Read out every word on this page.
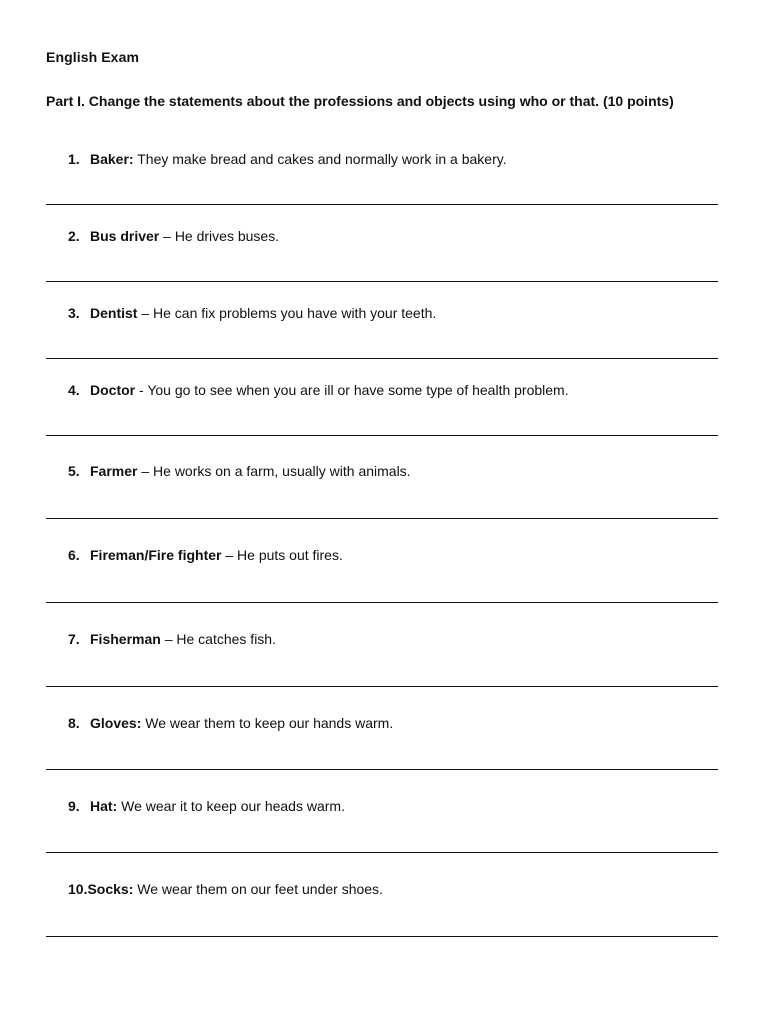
English Exam
Part I. Change the statements about the professions and objects using who or that. (10 points)
1. Baker: They make bread and cakes and normally work in a bakery.
2. Bus driver – He drives buses.
3. Dentist – He can fix problems you have with your teeth.
4. Doctor - You go to see when you are ill or have some type of health problem.
5. Farmer – He works on a farm, usually with animals.
6. Fireman/Fire fighter – He puts out fires.
7. Fisherman – He catches fish.
8. Gloves: We wear them to keep our hands warm.
9. Hat: We wear it to keep our heads warm.
10.Socks: We wear them on our feet under shoes.
